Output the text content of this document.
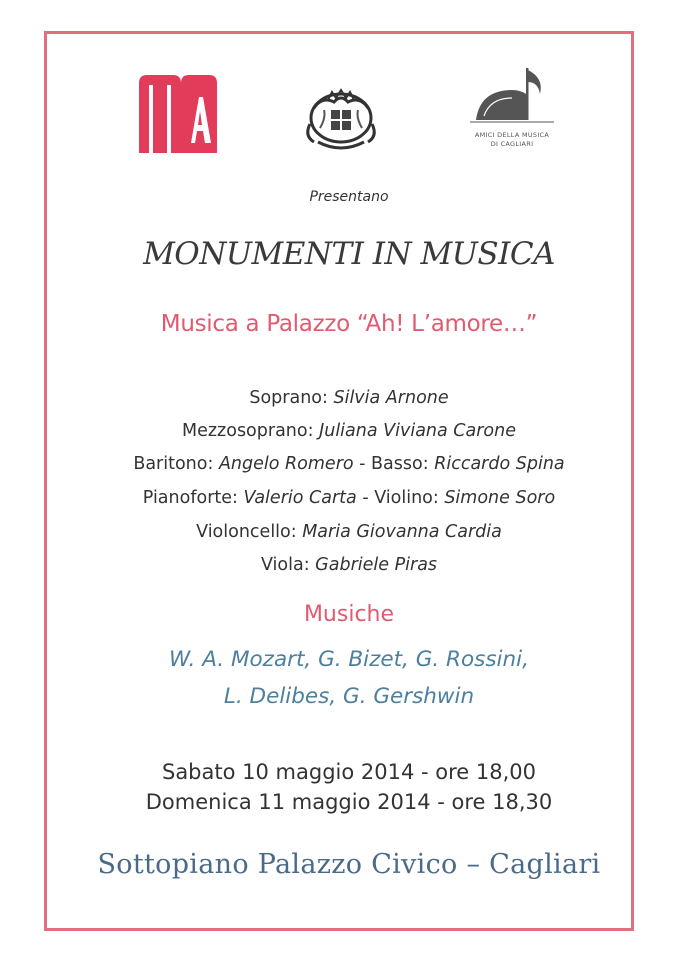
AMICI DELLA MUSICA
DI CAGLIARI
Presentano
MONUMENTI IN MUSICA
Musica a Palazzo “Ah! L’amore…”
Soprano: Silvia Arnone
Mezzosoprano: Juliana Viviana Carone
Baritono: Angelo Romero - Basso: Riccardo Spina
Pianoforte: Valerio Carta - Violino: Simone Soro
Violoncello: Maria Giovanna Cardia
Viola: Gabriele Piras
Musiche
W. A. Mozart, G. Bizet, G. Rossini,
L. Delibes, G. Gershwin
Sabato 10 maggio 2014 - ore 18,00
Domenica 11 maggio 2014 - ore 18,30
Sottopiano Palazzo Civico – Cagliari
